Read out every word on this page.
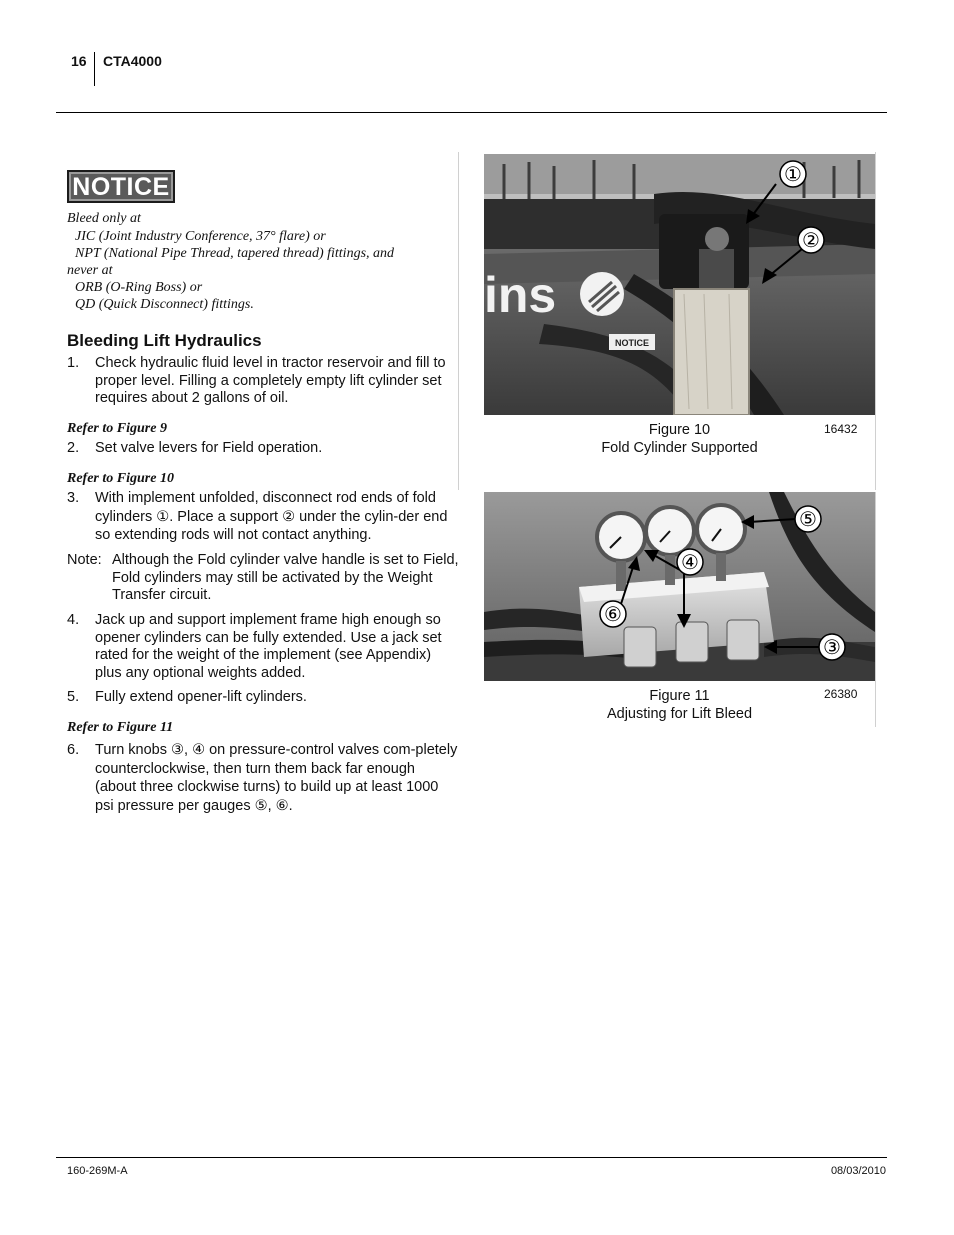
16 CTA4000
NOTICE
Bleed only at
JIC (Joint Industry Conference, 37° flare) or
NPT (National Pipe Thread, tapered thread) fittings, and
never at
ORB (O-Ring Boss) or
QD (Quick Disconnect) fittings.
Bleeding Lift Hydraulics
1. Check hydraulic fluid level in tractor reservoir and fill to proper level. Filling a completely empty lift cylinder set requires about 2 gallons of oil.
Refer to Figure 9
2. Set valve levers for Field operation.
Refer to Figure 10
3. With implement unfolded, disconnect rod ends of fold cylinders ①. Place a support ② under the cylin-der end so extending rods will not contact anything.
Note: Although the Fold cylinder valve handle is set to Field, Fold cylinders may still be activated by the Weight Transfer circuit.
4. Jack up and support implement frame high enough so opener cylinders can be fully extended. Use a jack set rated for the weight of the implement (see Appendix) plus any optional weights added.
5. Fully extend opener-lift cylinders.
Refer to Figure 11
6. Turn knobs ③, ④ on pressure-control valves com-pletely counterclockwise, then turn them back far enough (about three clockwise turns) to build up at least 1000 psi pressure per gauges ⑤, ⑥.
ins
NOTICE
①
②
Figure 10
Fold Cylinder Supported
16432
⑤
④
⑥
③
Figure 11
Adjusting for Lift Bleed
26380
160-269M-A	08/03/2010
